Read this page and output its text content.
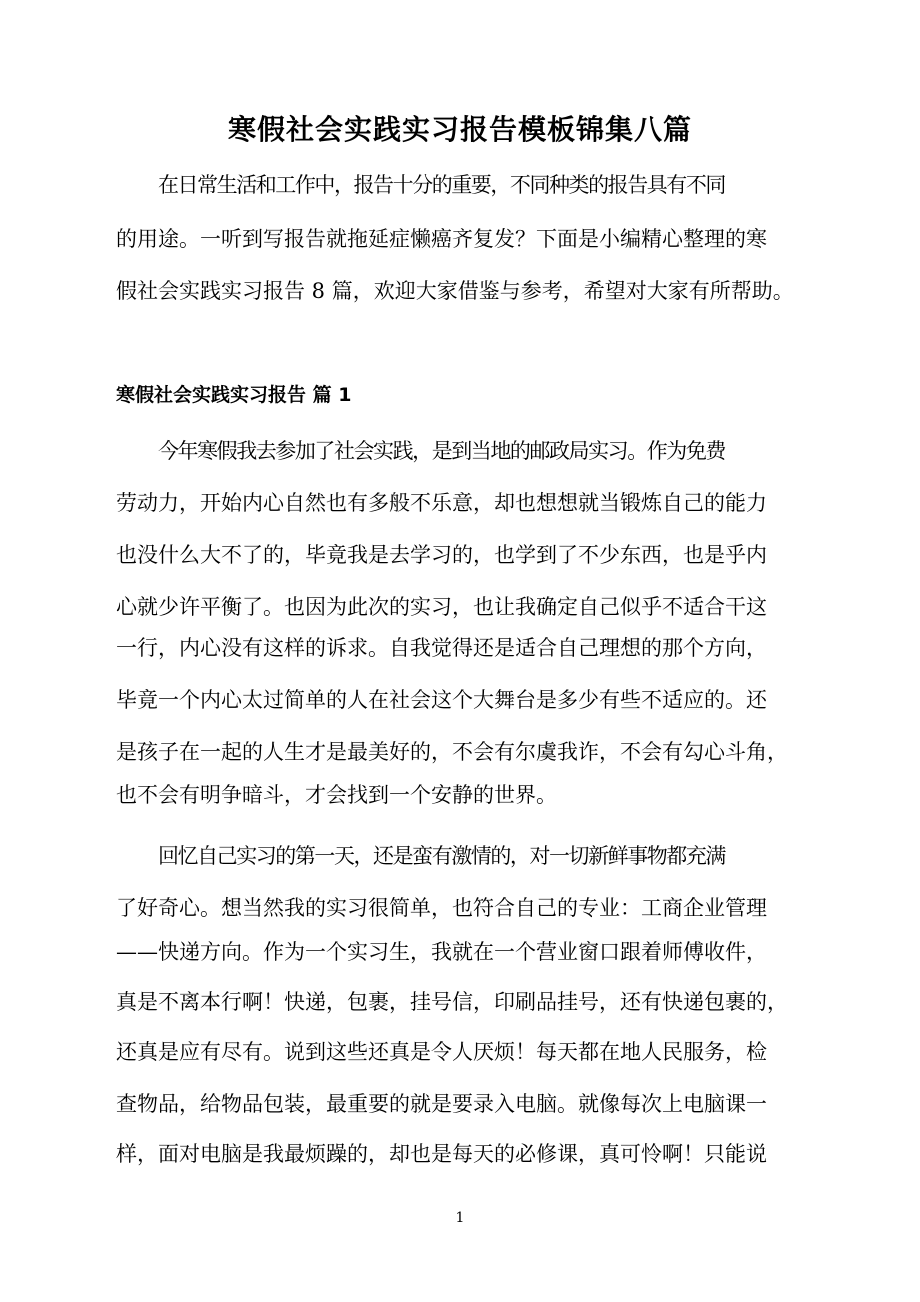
寒假社会实践实习报告模板锦集八篇
在日常生活和工作中，报告十分的重要，不同种类的报告具有不同
的用途。一听到写报告就拖延症懒癌齐复发？下面是小编精心整理的寒
假社会实践实习报告 8 篇，欢迎大家借鉴与参考，希望对大家有所帮助。
寒假社会实践实习报告 篇 1
今年寒假我去参加了社会实践，是到当地的邮政局实习。作为免费
劳动力，开始内心自然也有多般不乐意，却也想想就当锻炼自己的能力
也没什么大不了的，毕竟我是去学习的，也学到了不少东西，也是乎内
心就少许平衡了。也因为此次的实习，也让我确定自己似乎不适合干这
一行，内心没有这样的诉求。自我觉得还是适合自己理想的那个方向，
毕竟一个内心太过简单的人在社会这个大舞台是多少有些不适应的。还
是孩子在一起的人生才是最美好的，不会有尔虞我诈，不会有勾心斗角，
也不会有明争暗斗，才会找到一个安静的世界。
回忆自己实习的第一天，还是蛮有激情的，对一切新鲜事物都充满
了好奇心。想当然我的实习很简单，也符合自己的专业：工商企业管理
——快递方向。作为一个实习生，我就在一个营业窗口跟着师傅收件，
真是不离本行啊！快递，包裹，挂号信，印刷品挂号，还有快递包裹的，
还真是应有尽有。说到这些还真是令人厌烦！每天都在地人民服务，检
查物品，给物品包装，最重要的就是要录入电脑。就像每次上电脑课一
样，面对电脑是我最烦躁的，却也是每天的必修课，真可怜啊！只能说
1
